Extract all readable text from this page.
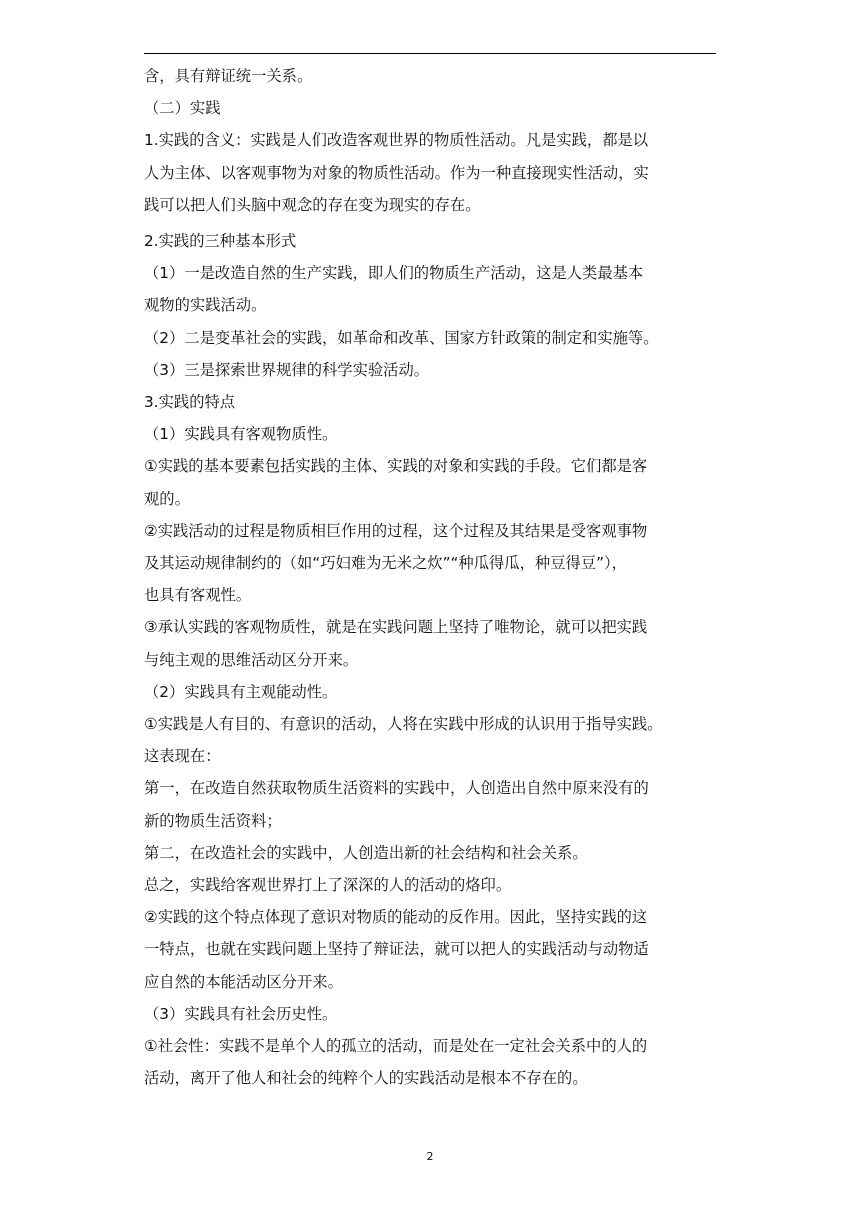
含，具有辩证统一关系。
（二）实践
1.实践的含义：实践是人们改造客观世界的物质性活动。凡是实践，都是以
人为主体、以客观事物为对象的物质性活动。作为一种直接现实性活动，实
践可以把人们头脑中观念的存在变为现实的存在。
2.实践的三种基本形式
（1）一是改造自然的生产实践，即人们的物质生产活动，这是人类最基本
观物的实践活动。
（2）二是变革社会的实践，如革命和改革、国家方针政策的制定和实施等。
（3）三是探索世界规律的科学实验活动。
3.实践的特点
（1）实践具有客观物质性。
①实践的基本要素包括实践的主体、实践的对象和实践的手段。它们都是客
观的。
②实践活动的过程是物质相巨作用的过程，这个过程及其结果是受客观事物
及其运动规律制约的（如“巧妇难为无米之炊”“种瓜得瓜，种豆得豆”），
也具有客观性。
③承认实践的客观物质性，就是在实践问题上坚持了唯物论，就可以把实践
与纯主观的思维活动区分开来。
（2）实践具有主观能动性。
①实践是人有目的、有意识的活动，人将在实践中形成的认识用于指导实践。
这表现在：
第一，在改造自然获取物质生活资料的实践中，人创造出自然中原来没有的
新的物质生活资料；
第二，在改造社会的实践中，人创造出新的社会结构和社会关系。
总之，实践给客观世界打上了深深的人的活动的烙印。
②实践的这个特点体现了意识对物质的能动的反作用。因此，坚持实践的这
一特点，也就在实践问题上坚持了辩证法，就可以把人的实践活动与动物适
应自然的本能活动区分开来。
（3）实践具有社会历史性。
①社会性：实践不是单个人的孤立的活动，而是处在一定社会关系中的人的
活动，离开了他人和社会的纯粹个人的实践活动是根本不存在的。
2
